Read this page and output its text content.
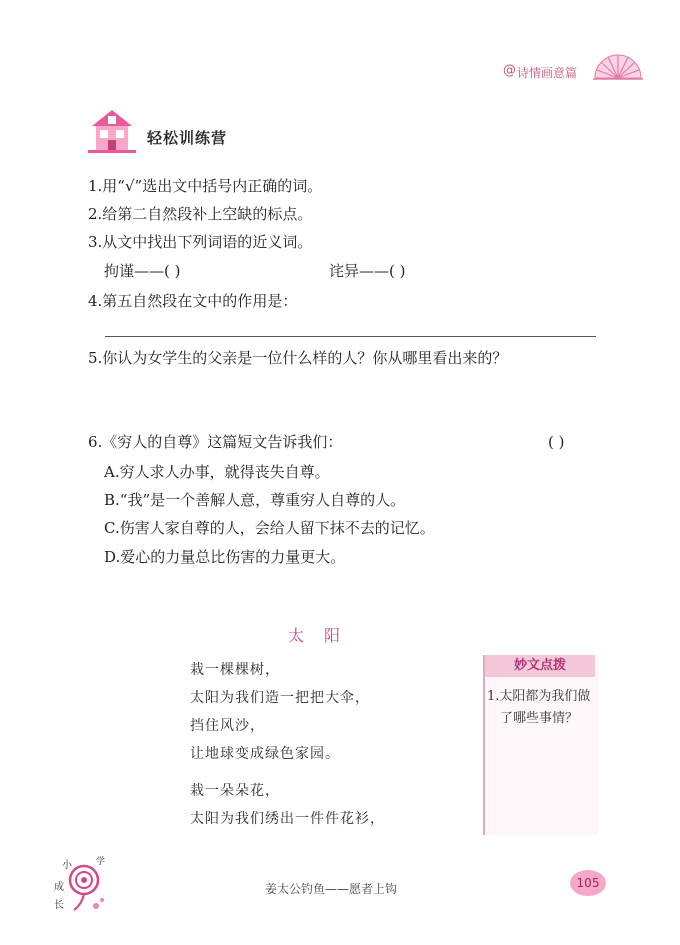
@ 诗情画意篇
轻松训练营
1.用“√”选出文中括号内正确的词。
2.给第二自然段补上空缺的标点。
3.从文中找出下列词语的近义词。
拘谨——( )	诧异——( )
4.第五自然段在文中的作用是：
5.你认为女学生的父亲是一位什么样的人？你从哪里看出来的？
6.《穷人的自尊》这篇短文告诉我们：	( )
A.穷人求人办事，就得丧失自尊。
B.“我”是一个善解人意，尊重穷人自尊的人。
C.伤害人家自尊的人，会给人留下抹不去的记忆。
D.爱心的力量总比伤害的力量更大。
太阳
栽一棵棵树，
太阳为我们造一把把大伞，
挡住风沙，
让地球变成绿色家园。
栽一朵朵花，
太阳为我们绣出一件件花衫，
妙文点拨
1.太阳都为我们做
了哪些事情？
小	学
成
长
姜太公钓鱼——愿者上钩	105
